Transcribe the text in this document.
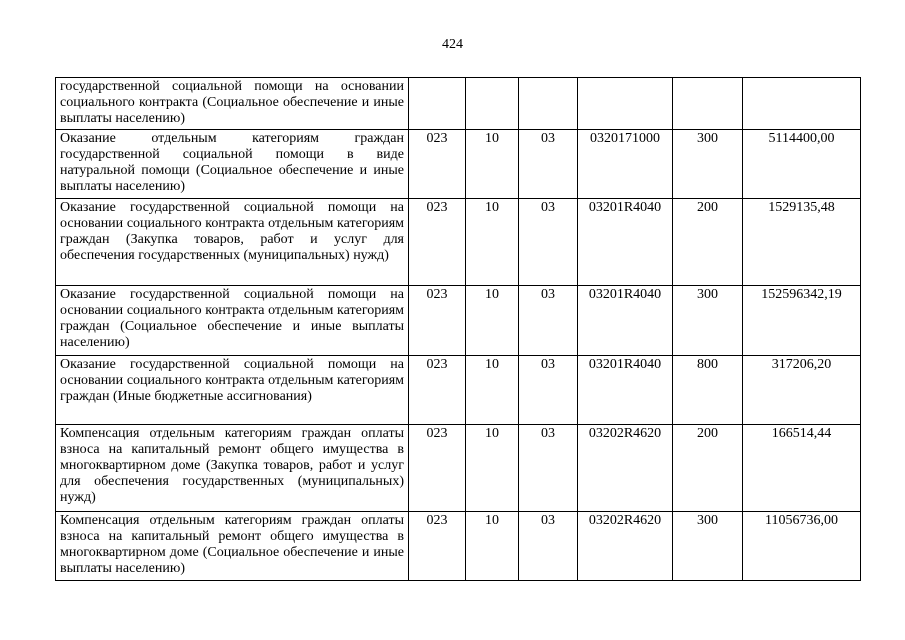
424
государственной социальной помощи на основании социального контракта (Социальное обеспечение и иные выплаты населению)						
Оказание отдельным категориям граждан государственной социальной помощи в виде натуральной помощи (Социальное обеспечение и иные выплаты населению)	023	10	03	0320171000	300	5114400,00
Оказание государственной социальной помощи на основании социального контракта отдельным категориям граждан (Закупка товаров, работ и услуг для обеспечения государственных (муниципальных) нужд)	023	10	03	03201R4040	200	1529135,48
Оказание государственной социальной помощи на основании социального контракта отдельным категориям граждан (Социальное обеспечение и иные выплаты населению)	023	10	03	03201R4040	300	152596342,19
Оказание государственной социальной помощи на основании социального контракта отдельным категориям граждан (Иные бюджетные ассигнования)	023	10	03	03201R4040	800	317206,20
Компенсация отдельным категориям граждан оплаты взноса на капитальный ремонт общего имущества в многоквартирном доме (Закупка товаров, работ и услуг для обеспечения государственных (муниципальных) нужд)	023	10	03	03202R4620	200	166514,44
Компенсация отдельным категориям граждан оплаты взноса на капитальный ремонт общего имущества в многоквартирном доме (Социальное обеспечение и иные выплаты населению)	023	10	03	03202R4620	300	11056736,00
